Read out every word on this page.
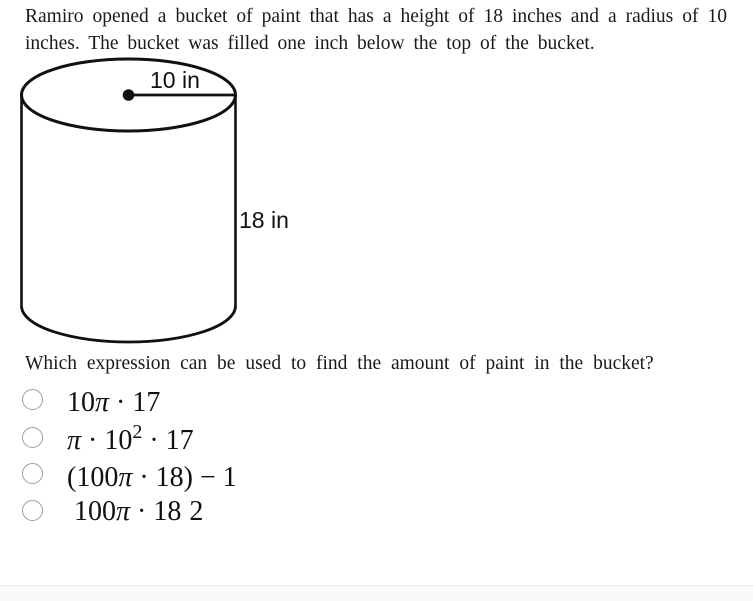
Ramiro opened a bucket of paint that has a height of 18 inches and a radius of 10 inches. The bucket was filled one inch below the top of the bucket.

10 in
18 in

Which expression can be used to find the amount of paint in the bucket?

10π · 17
$\pi \cdot 10^2 \cdot 17$
(100π · 18) − 1
100π · 18 2
